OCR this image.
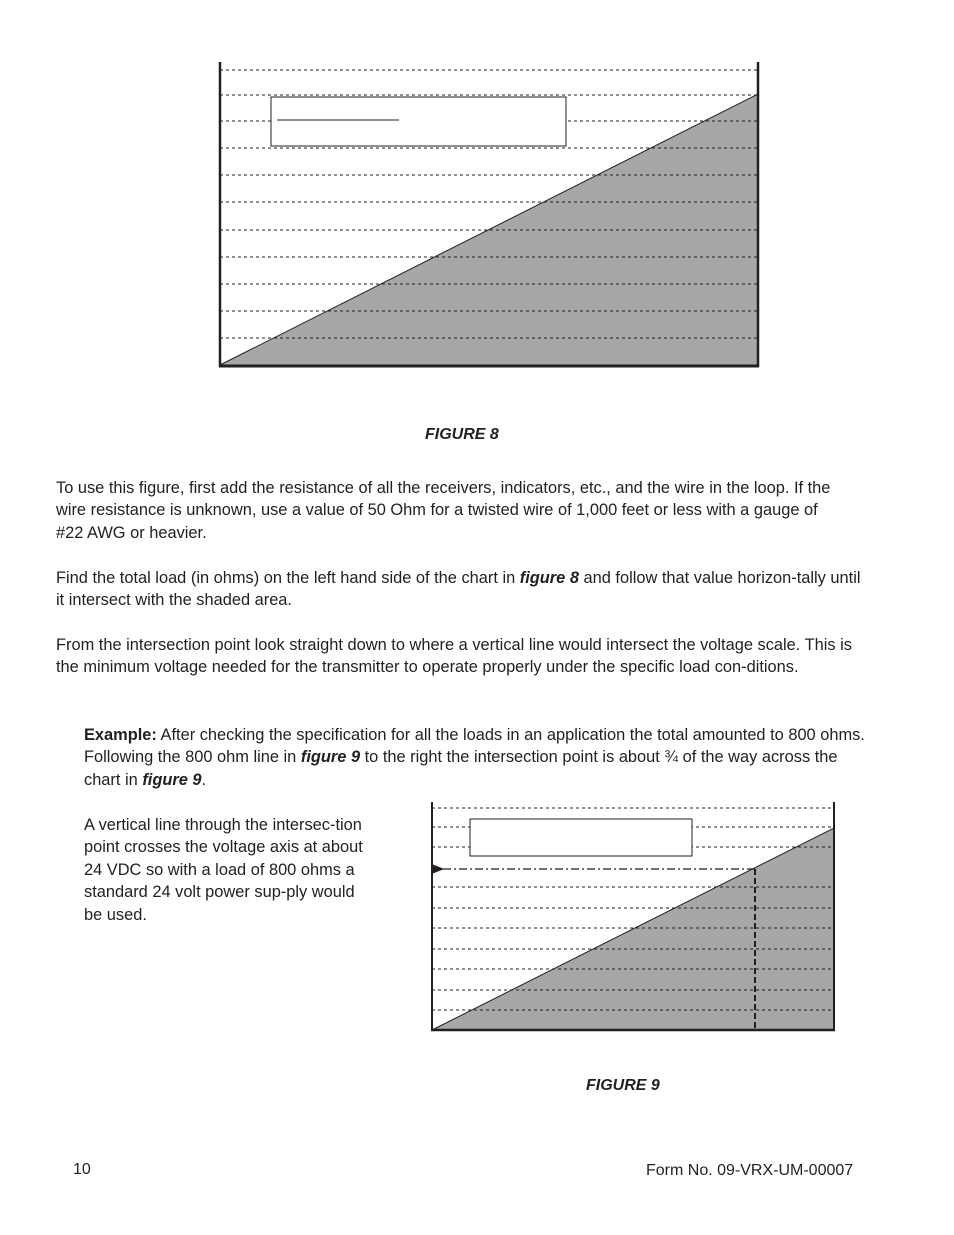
FIGURE 8

To use this figure, first add the resistance of all the receivers, indicators, etc., and the wire in the loop. If the wire resistance is unknown, use a value of 50 Ohm for a twisted wire of 1,000 feet or less with a gauge of #22 AWG or heavier.

Find the total load (in ohms) on the left hand side of the chart in figure 8 and follow that value horizon-tally until it intersect with the shaded area.

From the intersection point look straight down to where a vertical line would intersect the voltage scale. This is the minimum voltage needed for the transmitter to operate properly under the specific load con-ditions.

Example: After checking the specification for all the loads in an application the total amounted to 800 ohms. Following the 800 ohm line in figure 9 to the right the intersection point is about ¾ of the way across the chart in figure 9.

A vertical line through the intersec-tion point crosses the voltage axis at about 24 VDC so with a load of 800 ohms a standard 24 volt power sup-ply would be used.

FIGURE 9
10	Form No. 09-VRX-UM-00007
